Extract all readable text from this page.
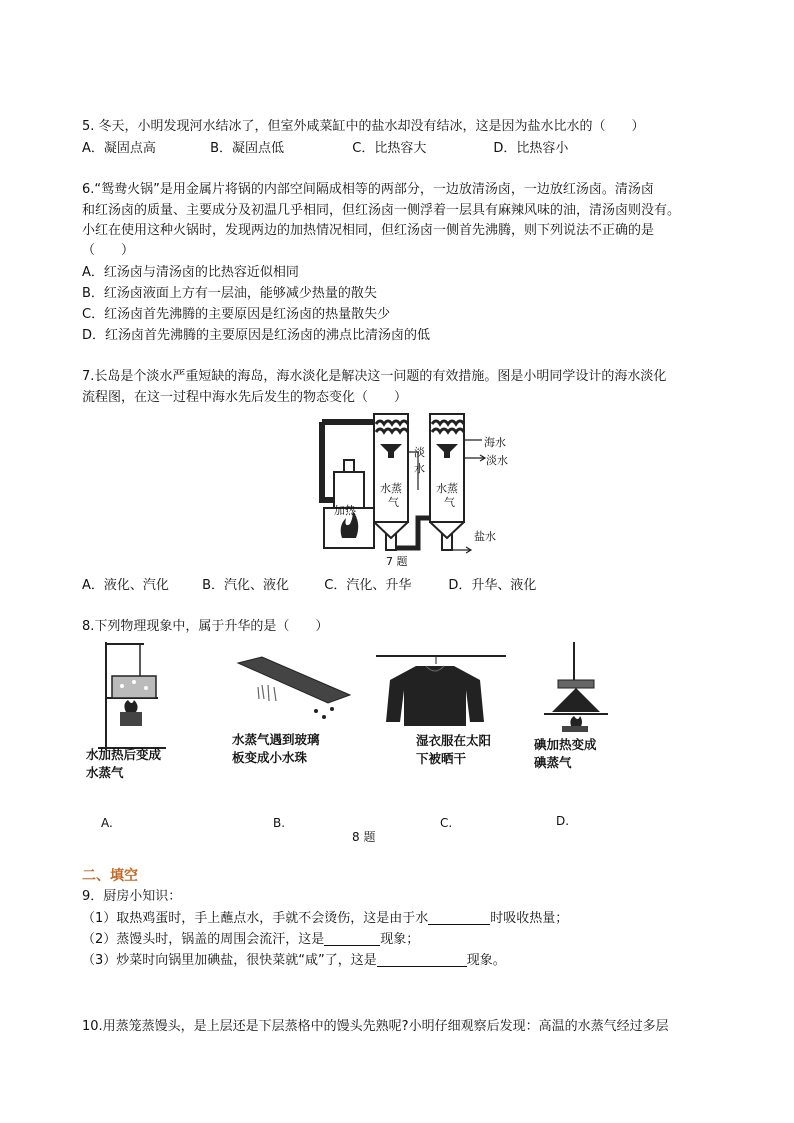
5. 冬天，小明发现河水结冰了，但室外咸菜缸中的盐水却没有结冰，这是因为盐水比水的（　　）
A．凝固点高	B．凝固点低	C．比热容大	D．比热容小
6.“鸳鸯火锅”是用金属片将锅的内部空间隔成相等的两部分，一边放清汤卤，一边放红汤卤。清汤卤
和红汤卤的质量、主要成分及初温几乎相同，但红汤卤一侧浮着一层具有麻辣风味的油，清汤卤则没有。
小红在使用这种火锅时，发现两边的加热情况相同，但红汤卤一侧首先沸腾，则下列说法不正确的是
（　　）
A．红汤卤与清汤卤的比热容近似相同
B．红汤卤液面上方有一层油，能够减少热量的散失
C．红汤卤首先沸腾的主要原因是红汤卤的热量散失少
D．红汤卤首先沸腾的主要原因是红汤卤的沸点比清汤卤的低
7.长岛是个淡水严重短缺的海岛，海水淡化是解决这一问题的有效措施。图是小明同学设计的海水淡化
流程图，在这一过程中海水先后发生的物态变化（　　）
加热
淡
水
水蒸
气
水蒸
气
海水
淡水
盐水
7 题
A．液化、汽化	B．汽化、液化	C．汽化、升华	D．升华、液化
8.下列物理现象中，属于升华的是（　　）
水加热后变成
水蒸气
A.
水蒸气遇到玻璃
板变成小水珠
B.
湿衣服在太阳
下被晒干
C.
碘加热变成
碘蒸气
D.
8 题
二、填空
9．厨房小知识：
（1）取热鸡蛋时，手上蘸点水，手就不会烫伤，这是由于水	时吸收热量；
（2）蒸馒头时，锅盖的周围会流汗，这是	现象；
（3）炒菜时向锅里加碘盐，很快菜就“咸”了，这是	现象。
10.用蒸笼蒸馒头，是上层还是下层蒸格中的馒头先熟呢?小明仔细观察后发现：高温的水蒸气经过多层
